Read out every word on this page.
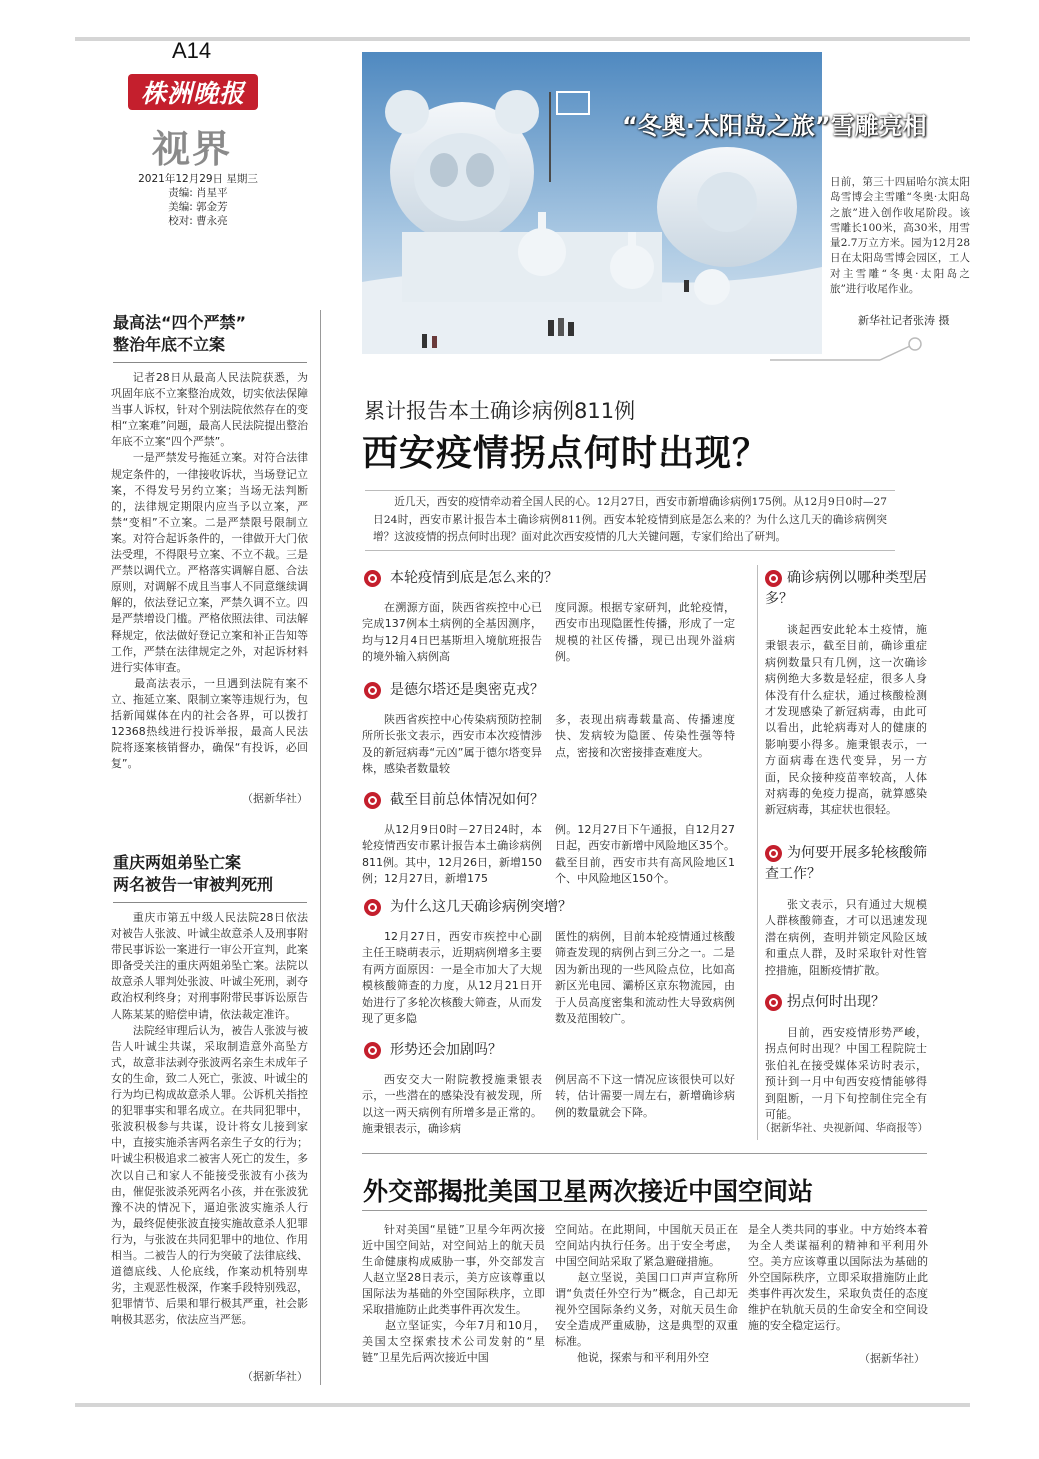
A14
株洲晚报
视界
2021年12月29日 星期三
责编: 肖星平
美编: 郭金芳
校对: 曹永亮
“冬奥·太阳岛之旅”雪雕亮相
日前，第三十四届哈尔滨太阳岛雪博会主雪雕“冬奥·太阳岛之旅”进入创作收尾阶段。该雪雕长100米，高30米，用雪量2.7万立方米。园为12月28日在太阳岛雪博会园区，工人对主雪雕“冬奥·太阳岛之旅”进行收尾作业。
新华社记者张涛 摄
最高法“四个严禁”
整治年底不立案
记者28日从最高人民法院获悉，为巩固年底不立案整治成效，切实依法保障当事人诉权，针对个别法院依然存在的变相“立案难”问题，最高人民法院提出整治年底不立案“四个严禁”。
　　一是严禁发号拖延立案。对符合法律规定条件的，一律接收诉状，当场登记立案，不得发号另约立案；当场无法判断的，法律规定期限内应当予以立案，严禁“变相”不立案。二是严禁限号限制立案。对符合起诉条件的，一律做开大门依法受理，不得限号立案、不立不裁。三是严禁以调代立。严格落实调解自愿、合法原则，对调解不成且当事人不同意继续调解的，依法登记立案，严禁久调不立。四是严禁增设门槛。严格依照法律、司法解释规定，依法做好登记立案和补正告知等工作，严禁在法律规定之外，对起诉材料进行实体审查。
　　最高法表示，一旦遇到法院有案不立、拖延立案、限制立案等违规行为，包括新闻媒体在内的社会各界，可以拨打12368热线进行投诉举报，最高人民法院将逐案核销督办，确保“有投诉，必回复”。
（据新华社）
重庆两姐弟坠亡案
两名被告一审被判死刑
重庆市第五中级人民法院28日依法对被告人张波、叶诚尘故意杀人及刑事附带民事诉讼一案进行一审公开宣判，此案即备受关注的重庆两姐弟坠亡案。法院以故意杀人罪判处张波、叶诚尘死刑，剥夺政治权利终身；对刑事附带民事诉讼原告人陈某某的赔偿申请，依法裁定准许。
　　法院经审理后认为，被告人张波与被告人叶诚尘共谋，采取制造意外高坠方式，故意非法剥夺张波两名亲生未成年子女的生命，致二人死亡，张波、叶诚尘的行为均已构成故意杀人罪。公诉机关指控的犯罪事实和罪名成立。在共同犯罪中，张波积极参与共谋，设计将女儿接到家中，直接实施杀害两名亲生子女的行为；叶诚尘积极追求二被害人死亡的发生，多次以自己和家人不能接受张波有小孩为由，催促张波杀死两名小孩，并在张波犹豫不决的情况下，逼迫张波实施杀人行为，最终促使张波直接实施故意杀人犯罪行为，与张波在共同犯罪中的地位、作用相当。二被告人的行为突破了法律底线、道德底线、人伦底线，作案动机特别卑劣，主观恶性极深，作案手段特别残忍，犯罪情节、后果和罪行极其严重，社会影响极其恶劣，依法应当严惩。
（据新华社）
累计报告本土确诊病例811例
西安疫情拐点何时出现？
近几天，西安的疫情牵动着全国人民的心。12月27日，西安市新增确诊病例175例。从12月9日0时—27日24时，西安市累计报告本土确诊病例811例。西安本轮疫情到底是怎么来的？为什么这几天的确诊病例突增？这波疫情的拐点何时出现？面对此次西安疫情的几大关键问题，专家们给出了研判。
本轮疫情到底是怎么来的？
在溯源方面，陕西省疾控中心已完成137例本土病例的全基因测序，均与12月4日巴基斯坦入境航班报告的境外输入病例高
度同源。根据专家研判，此轮疫情，西安市出现隐匿性传播，形成了一定规模的社区传播，现已出现外溢病例。
是德尔塔还是奥密克戎？
陕西省疾控中心传染病预防控制所所长张文表示，西安市本次疫情涉及的新冠病毒“元凶”属于德尔塔变异株，感染者数量较
多，表现出病毒载量高、传播速度快、发病较为隐匿、传染性强等特点，密接和次密接排查难度大。
截至目前总体情况如何？
从12月9日0时－27日24时，本轮疫情西安市累计报告本土确诊病例811例。其中，12月26日，新增150例；12月27日，新增175
例。12月27日下午通报，自12月27日起，西安市新增中风险地区35个。截至目前，西安市共有高风险地区1个、中风险地区150个。
为什么这几天确诊病例突增？
12月27日，西安市疾控中心副主任王晓萌表示，近期病例增多主要有两方面原因：一是全市加大了大规模核酸筛查的力度，从12月21日开始进行了多轮次核酸大筛查，从而发现了更多隐
匿性的病例，目前本轮疫情通过核酸筛查发现的病例占到三分之一。二是因为新出现的一些风险点位，比如高新区光电园、灞桥区京东物流园，由于人员高度密集和流动性大导致病例数及范围较广。
形势还会加剧吗？
西安交大一附院教授施秉银表示，一些潜在的感染没有被发现，所以这一两天病例有所增多是正常的。施秉银表示，确诊病
例居高不下这一情况应该很快可以好转，估计需要一周左右，新增确诊病例的数量就会下降。
确诊病例以哪种类型居多？
谈起西安此轮本土疫情，施秉银表示，截至目前，确诊重症病例数量只有几例，这一次确诊病例绝大多数是轻症，很多人身体没有什么症状，通过核酸检测才发现感染了新冠病毒，由此可以看出，此轮病毒对人的健康的影响要小得多。施秉银表示，一方面病毒在迭代变异，另一方面，民众接种疫苗率较高，人体对病毒的免疫力提高，就算感染新冠病毒，其症状也很轻。
为何要开展多轮核酸筛查工作？
张文表示，只有通过大规模人群核酸筛查，才可以迅速发现潜在病例，查明并锁定风险区域和重点人群，及时采取针对性管控措施，阻断疫情扩散。
拐点何时出现？
目前，西安疫情形势严峻，拐点何时出现？中国工程院院士张伯礼在接受媒体采访时表示，预计到一月中旬西安疫情能够得到阻断，一月下旬控制住完全有可能。
（据新华社、央视新闻、华商报等）
外交部揭批美国卫星两次接近中国空间站
针对美国“星链”卫星今年两次接近中国空间站，对空间站上的航天员生命健康构成威胁一事，外交部发言人赵立坚28日表示，美方应该尊重以国际法为基础的外空国际秩序，立即采取措施防止此类事件再次发生。
　　赵立坚证实，今年7月和10月，美国太空探索技术公司发射的“星链”卫星先后两次接近中国
空间站。在此期间，中国航天员正在空间站内执行任务。出于安全考虑，中国空间站采取了紧急避碰措施。
　　赵立坚说，美国口口声声宣称所谓“负责任外空行为”概念，自己却无视外空国际条约义务，对航天员生命安全造成严重威胁，这是典型的双重标准。
　　他说，探索与和平利用外空
是全人类共同的事业。中方始终本着为全人类谋福利的精神和平利用外空。美方应该尊重以国际法为基础的外空国际秩序，立即采取措施防止此类事件再次发生，采取负责任的态度维护在轨航天员的生命安全和空间设施的安全稳定运行。
（据新华社）
